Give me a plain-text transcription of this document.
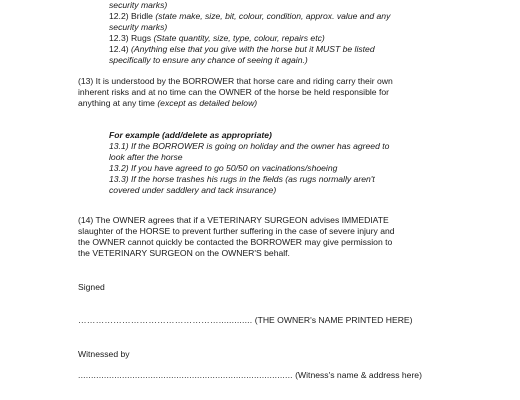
security marks)
12.2) Bridle (state make, size, bit, colour, condition, approx. value and any
security marks)
12.3) Rugs (State quantity, size, type, colour, repairs etc)
12.4) (Anything else that you give with the horse but it MUST be listed
specifically to ensure any chance of seeing it again.)
(13) It is understood by the BORROWER that horse care and riding carry their own
inherent risks and at no time can the OWNER of the horse be held responsible for
anything at any time (except as detailed below)
For example (add/delete as appropriate)
13.1) If the BORROWER is going on holiday and the owner has agreed to
look after the horse
13.2) If you have agreed to go 50/50 on vacinations/shoeing
13.3) If the horse trashes his rugs in the fields (as rugs normally aren't
covered under saddlery and tack insurance)
(14) The OWNER agrees that if a VETERINARY SURGEON advises IMMEDIATE
slaughter of the HORSE to prevent further suffering in the case of severe injury and
the OWNER cannot quickly be contacted the BORROWER may give permission to
the VETERINARY SURGEON on the OWNER'S behalf.
Signed
…………………………………………............. (THE OWNER's NAME PRINTED HERE)
Witnessed by
................................................................................... (Witness's name & address here)
